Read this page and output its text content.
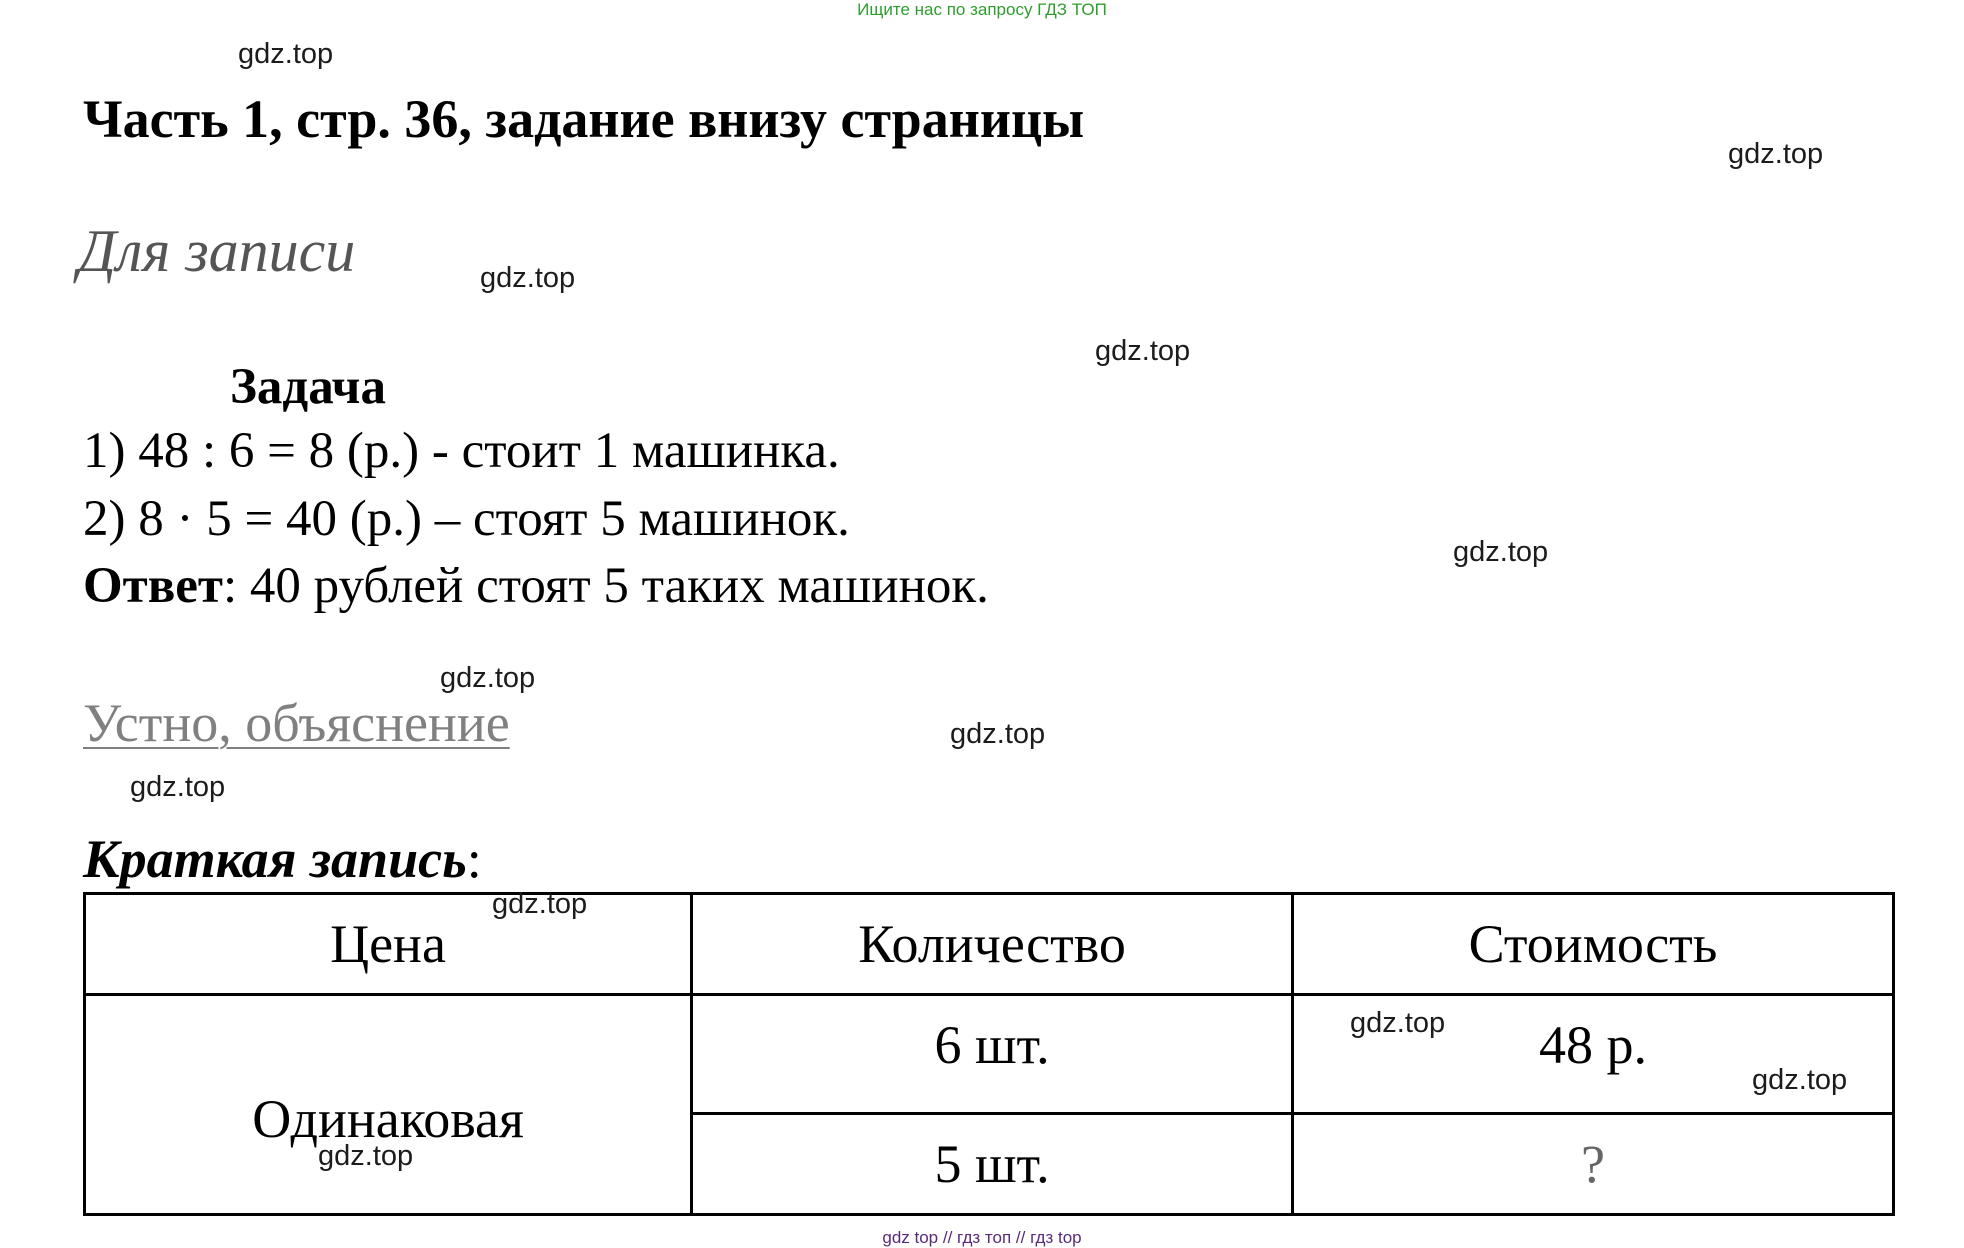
Ищите нас по запросу ГДЗ ТОП
gdz.top
gdz.top
gdz.top
gdz.top
gdz.top
gdz.top
gdz.top
gdz.top
Часть 1, стр. 36, задание внизу страницы
Для записи
Задача
1) 48 : 6 = 8 (р.) - стоит 1 машинка.
2) 8 · 5 = 40 (р.) – стоят 5 машинок.
Ответ: 40 рублей стоят 5 таких машинок.
Устно, объяснение
Краткая запись:
Цена	Количество	Стоимость
Одинаковая	6 шт.	48 р.
	5 шт.	?
gdz.top
gdz.top
gdz.top
gdz.top
gdz top // гдз топ // гдз top
